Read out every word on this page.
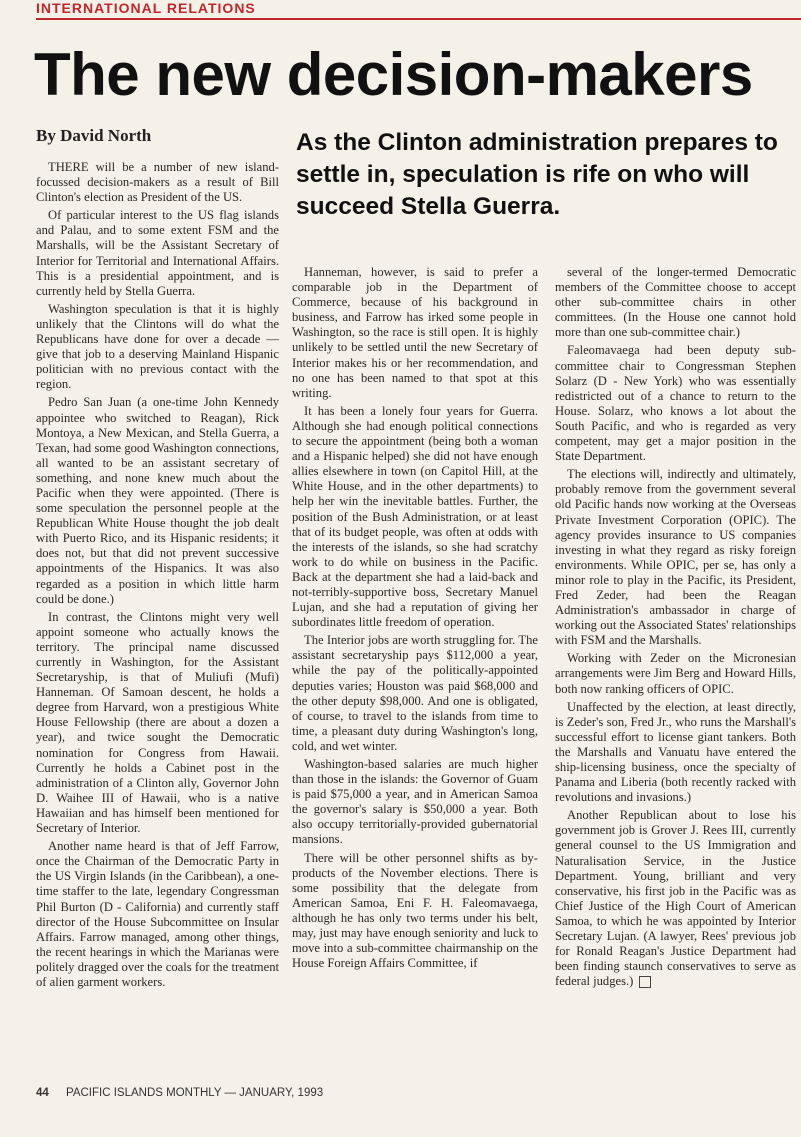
INTERNATIONAL RELATIONS
The new decision-makers
By David North	As the Clinton administration prepares to settle in, speculation is rife on who will succeed Stella Guerra.

THERE will be a number of new island-focussed decision-makers as a result of Bill Clinton's election as President of the US.

Of particular interest to the US flag islands and Palau, and to some extent FSM and the Marshalls, will be the Assistant Secretary of Interior for Territorial and International Affairs. This is a presidential appointment, and is currently held by Stella Guerra.

Washington speculation is that it is highly unlikely that the Clintons will do what the Republicans have done for over a decade — give that job to a deserving Mainland Hispanic politician with no previous contact with the region.

Pedro San Juan (a one-time John Kennedy appointee who switched to Reagan), Rick Montoya, a New Mexican, and Stella Guerra, a Texan, had some good Washington connections, all wanted to be an assistant secretary of something, and none knew much about the Pacific when they were appointed. (There is some speculation the personnel people at the Republican White House thought the job dealt with Puerto Rico, and its Hispanic residents; it does not, but that did not prevent successive appointments of the Hispanics. It was also regarded as a position in which little harm could be done.)

In contrast, the Clintons might very well appoint someone who actually knows the territory. The principal name discussed currently in Washington, for the Assistant Secretaryship, is that of Muliufi (Mufi) Hanneman. Of Samoan descent, he holds a degree from Harvard, won a prestigious White House Fellowship (there are about a dozen a year), and twice sought the Democratic nomination for Congress from Hawaii. Currently he holds a Cabinet post in the administration of a Clinton ally, Governor John D. Waihee III of Hawaii, who is a native Hawaiian and has himself been mentioned for Secretary of Interior.

Another name heard is that of Jeff Farrow, once the Chairman of the Democratic Party in the US Virgin Islands (in the Caribbean), a one-time staffer to the late, legendary Congressman Phil Burton (D - California) and currently staff director of the House Subcommittee on Insular Affairs. Farrow managed, among other things, the recent hearings in which the Marianas were politely dragged over the coals for the treatment of alien garment workers.

Hanneman, however, is said to prefer a comparable job in the Department of Commerce, because of his background in business, and Farrow has irked some people in Washington, so the race is still open. It is highly unlikely to be settled until the new Secretary of Interior makes his or her recommendation, and no one has been named to that spot at this writing.

It has been a lonely four years for Guerra. Although she had enough political connections to secure the appointment (being both a woman and a Hispanic helped) she did not have enough allies elsewhere in town (on Capitol Hill, at the White House, and in the other departments) to help her win the inevitable battles. Further, the position of the Bush Administration, or at least that of its budget people, was often at odds with the interests of the islands, so she had scratchy work to do while on business in the Pacific. Back at the department she had a laid-back and not-terribly-supportive boss, Secretary Manuel Lujan, and she had a reputation of giving her subordinates little freedom of operation.

The Interior jobs are worth struggling for. The assistant secretaryship pays $112,000 a year, while the pay of the politically-appointed deputies varies; Houston was paid $68,000 and the other deputy $98,000. And one is obligated, of course, to travel to the islands from time to time, a pleasant duty during Washington's long, cold, and wet winter.

Washington-based salaries are much higher than those in the islands: the Governor of Guam is paid $75,000 a year, and in American Samoa the governor's salary is $50,000 a year. Both also occupy territorially-provided gubernatorial mansions.

There will be other personnel shifts as by-products of the November elections. There is some possibility that the delegate from American Samoa, Eni F. H. Faleomavaega, although he has only two terms under his belt, may, just may have enough seniority and luck to move into a sub-committee chairmanship on the House Foreign Affairs Committee, if

several of the longer-termed Democratic members of the Committee choose to accept other sub-committee chairs in other committees. (In the House one cannot hold more than one sub-committee chair.)

Faleomavaega had been deputy sub-committee chair to Congressman Stephen Solarz (D - New York) who was essentially redistricted out of a chance to return to the House. Solarz, who knows a lot about the South Pacific, and who is regarded as very competent, may get a major position in the State Department.

The elections will, indirectly and ultimately, probably remove from the government several old Pacific hands now working at the Overseas Private Investment Corporation (OPIC). The agency provides insurance to US companies investing in what they regard as risky foreign environments. While OPIC, per se, has only a minor role to play in the Pacific, its President, Fred Zeder, had been the Reagan Administration's ambassador in charge of working out the Associated States' relationships with FSM and the Marshalls.

Working with Zeder on the Micronesian arrangements were Jim Berg and Howard Hills, both now ranking officers of OPIC.

Unaffected by the election, at least directly, is Zeder's son, Fred Jr., who runs the Marshall's successful effort to license giant tankers. Both the Marshalls and Vanuatu have entered the ship-licensing business, once the specialty of Panama and Liberia (both recently racked with revolutions and invasions.)

Another Republican about to lose his government job is Grover J. Rees III, currently general counsel to the US Immigration and Naturalisation Service, in the Justice Department. Young, brilliant and very conservative, his first job in the Pacific was as Chief Justice of the High Court of American Samoa, to which he was appointed by Interior Secretary Lujan. (A lawyer, Rees' previous job for Ronald Reagan's Justice Department had been finding staunch conservatives to serve as federal judges.)

44 PACIFIC ISLANDS MONTHLY — JANUARY, 1993
